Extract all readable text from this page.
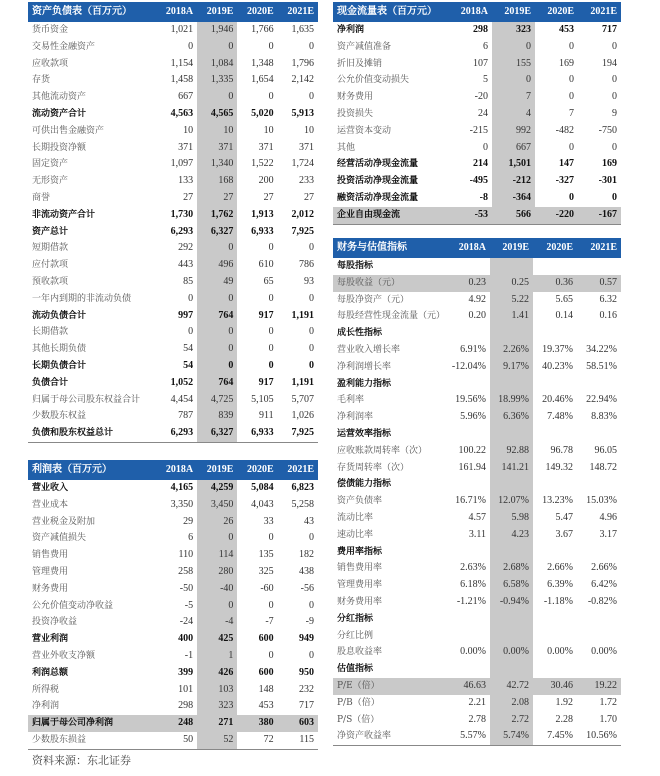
资产负债表（百万元）	2018A	2019E	2020E	2021E
货币资金	1,021	1,946	1,766	1,635
交易性金融资产	0	0	0	0
应收款项	1,154	1,084	1,348	1,796
存货	1,458	1,335	1,654	2,142
其他流动资产	667	0	0	0
流动资产合计	4,563	4,565	5,020	5,913
可供出售金融资产	10	10	10	10
长期投资净额	371	371	371	371
固定资产	1,097	1,340	1,522	1,724
无形资产	133	168	200	233
商誉	27	27	27	27
非流动资产合计	1,730	1,762	1,913	2,012
资产总计	6,293	6,327	6,933	7,925
短期借款	292	0	0	0
应付款项	443	496	610	786
预收款项	85	49	65	93
一年内到期的非流动负债	0	0	0	0
流动负债合计	997	764	917	1,191
长期借款	0	0	0	0
其他长期负债	54	0	0	0
长期负债合计	54	0	0	0
负债合计	1,052	764	917	1,191
归属于母公司股东权益合计	4,454	4,725	5,105	5,707
少数股东权益	787	839	911	1,026
负债和股东权益总计	6,293	6,327	6,933	7,925
利润表（百万元）	2018A	2019E	2020E	2021E
营业收入	4,165	4,259	5,084	6,823
营业成本	3,350	3,450	4,043	5,258
营业税金及附加	29	26	33	43
资产减值损失	6	0	0	0
销售费用	110	114	135	182
管理费用	258	280	325	438
财务费用	-50	-40	-60	-56
公允价值变动净收益	-5	0	0	0
投资净收益	-24	-4	-7	-9
营业利润	400	425	600	949
营业外收支净额	-1	1	0	0
利润总额	399	426	600	950
所得税	101	103	148	232
净利润	298	323	453	717
归属于母公司净利润	248	271	380	603
少数股东损益	50	52	72	115
现金流量表（百万元）	2018A	2019E	2020E	2021E
净利润	298	323	453	717
资产减值准备	6	0	0	0
折旧及摊销	107	155	169	194
公允价值变动损失	5	0	0	0
财务费用	-20	7	0	0
投资损失	24	4	7	9
运营资本变动	-215	992	-482	-750
其他	0	667	0	0
经营活动净现金流量	214	1,501	147	169
投资活动净现金流量	-495	-212	-327	-301
融资活动净现金流量	-8	-364	0	0
企业自由现金流	-53	566	-220	-167
财务与估值指标	2018A	2019E	2020E	2021E
每股指标				
每股收益（元）	0.23	0.25	0.36	0.57
每股净资产（元）	4.92	5.22	5.65	6.32
每股经营性现金流量（元）	0.20	1.41	0.14	0.16
成长性指标				
营业收入增长率	6.91%	2.26%	19.37%	34.22%
净利润增长率	-12.04%	9.17%	40.23%	58.51%
盈利能力指标				
毛利率	19.56%	18.99%	20.46%	22.94%
净利润率	5.96%	6.36%	7.48%	8.83%
运营效率指标				
应收账款周转率（次）	100.22	92.88	96.78	96.05
存货周转率（次）	161.94	141.21	149.32	148.72
偿债能力指标				
资产负债率	16.71%	12.07%	13.23%	15.03%
流动比率	4.57	5.98	5.47	4.96
速动比率	3.11	4.23	3.67	3.17
费用率指标				
销售费用率	2.63%	2.68%	2.66%	2.66%
管理费用率	6.18%	6.58%	6.39%	6.42%
财务费用率	-1.21%	-0.94%	-1.18%	-0.82%
分红指标				
分红比例				
股息收益率	0.00%	0.00%	0.00%	0.00%
估值指标				
P/E（倍）	46.63	42.72	30.46	19.22
P/B（倍）	2.21	2.08	1.92	1.72
P/S（倍）	2.78	2.72	2.28	1.70
净资产收益率	5.57%	5.74%	7.45%	10.56%
资料来源：东北证券
